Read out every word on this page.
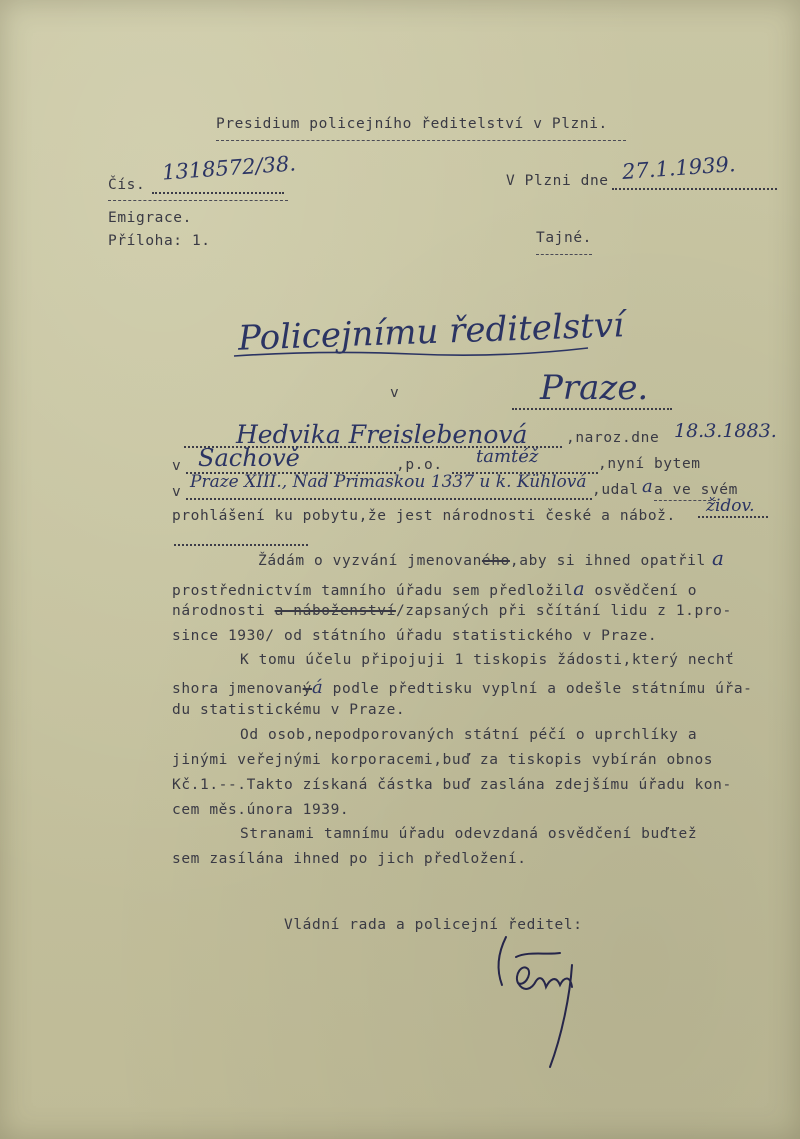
Presidium policejního ředitelství v Plzni.
Čís.
1318572/38.	V Plzni dne 27.1.1939.
Emigrace.
Příloha: 1.	Tajné.
Policejnímu ředitelství
v	Praze.
Hedvika Freislebenová	,naroz.dne 18.3.1883.
v Sachově	,p.o. tamtéž	,nyní bytem
v Praze XIII., Nad Primaskou 1337 u k. Kühlová ,udal a a ve svém
prohlášení ku pobytu,že jest národnosti české a nábož. židov.
Žádám o vyzvání jmenovaného,aby si ihned opatřil a
prostřednictvím tamního úřadu sem předložila osvědčení o
národnosti a náboženství/zapsaných při sčítání lidu z 1.pro-
since 1930/ od státního úřadu statistického v Praze.
K tomu účelu připojuji 1 tiskopis žádosti,který nechť
shora jmenovanýá podle předtisku vyplní a odešle státnímu úřa-
du statistickému v Praze.
Od osob,nepodporovaných státní péčí o uprchlíky a
jinými veřejnými korporacemi,buď za tiskopis vybírán obnos
Kč.1.--.Takto získaná částka buď zaslána zdejšímu úřadu kon-
cem měs.února 1939.
Stranami tamnímu úřadu odevzdaná osvědčení buďtež
sem zasílána ihned po jich předložení.
Vládní rada a policejní ředitel:
